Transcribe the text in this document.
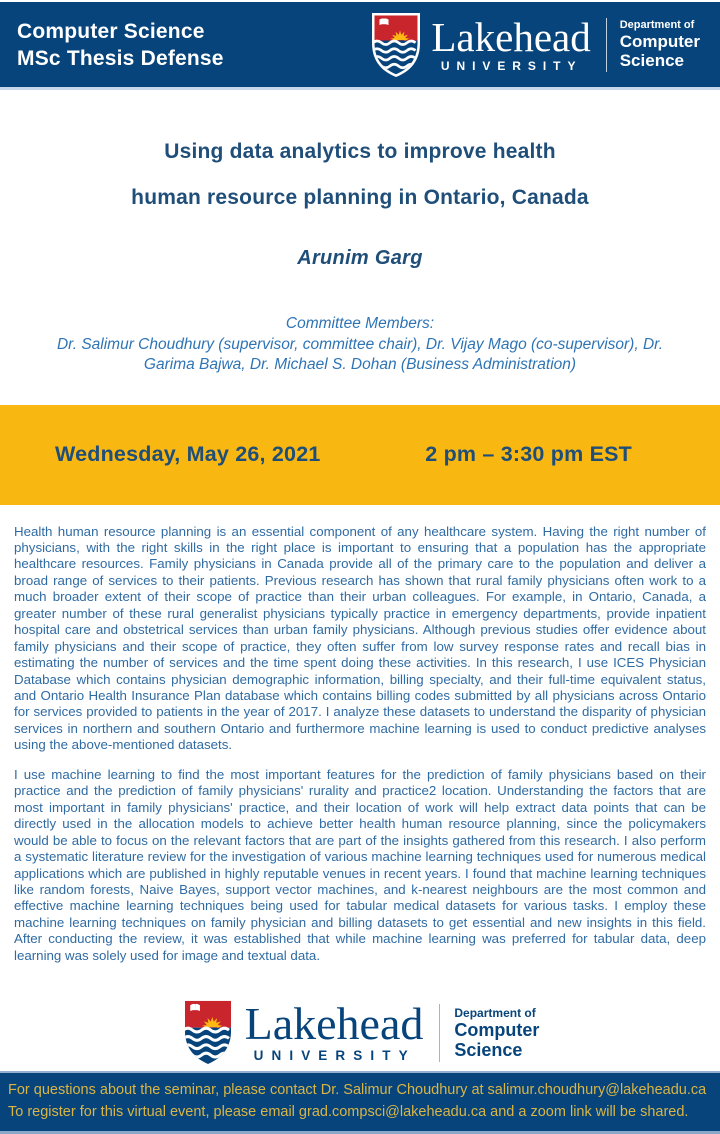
Computer Science
MSc Thesis Defense	Lakehead
UNIVERSITY
Department of
Computer
Science
Using data analytics to improve health
human resource planning in Ontario, Canada
Arunim Garg
Committee Members:
Dr. Salimur Choudhury (supervisor, committee chair), Dr. Vijay Mago (co-supervisor), Dr. Garima Bajwa, Dr. Michael S. Dohan (Business Administration)
Wednesday, May 26, 2021	2 pm – 3:30 pm EST

Health human resource planning is an essential component of any healthcare system. Having the right number of physicians, with the right skills in the right place is important to ensuring that a population has the appropriate healthcare resources. Family physicians in Canada provide all of the primary care to the population and deliver a broad range of services to their patients. Previous research has shown that rural family physicians often work to a much broader extent of their scope of practice than their urban colleagues. For example, in Ontario, Canada, a greater number of these rural generalist physicians typically practice in emergency departments, provide inpatient hospital care and obstetrical services than urban family physicians. Although previous studies offer evidence about family physicians and their scope of practice, they often suffer from low survey response rates and recall bias in estimating the number of services and the time spent doing these activities. In this research, I use ICES Physician Database which contains physician demographic information, billing specialty, and their full-time equivalent status, and Ontario Health Insurance Plan database which contains billing codes submitted by all physicians across Ontario for services provided to patients in the year of 2017. I analyze these datasets to understand the disparity of physician services in northern and southern Ontario and furthermore machine learning is used to conduct predictive analyses using the above-mentioned datasets.

I use machine learning to find the most important features for the prediction of family physicians based on their practice and the prediction of family physicians' rurality and practice2 location. Understanding the factors that are most important in family physicians' practice, and their location of work will help extract data points that can be directly used in the allocation models to achieve better health human resource planning, since the policymakers would be able to focus on the relevant factors that are part of the insights gathered from this research. I also perform a systematic literature review for the investigation of various machine learning techniques used for numerous medical applications which are published in highly reputable venues in recent years. I found that machine learning techniques like random forests, Naive Bayes, support vector machines, and k-nearest neighbours are the most common and effective machine learning techniques being used for tabular medical datasets for various tasks. I employ these machine learning techniques on family physician and billing datasets to get essential and new insights in this field. After conducting the review, it was established that while machine learning was preferred for tabular data, deep learning was solely used for image and textual data.

Lakehead
UNIVERSITY
Department of
Computer
Science
For questions about the seminar, please contact Dr. Salimur Choudhury at salimur.choudhury@lakeheadu.ca
To register for this virtual event, please email grad.compsci@lakeheadu.ca and a zoom link will be shared.
